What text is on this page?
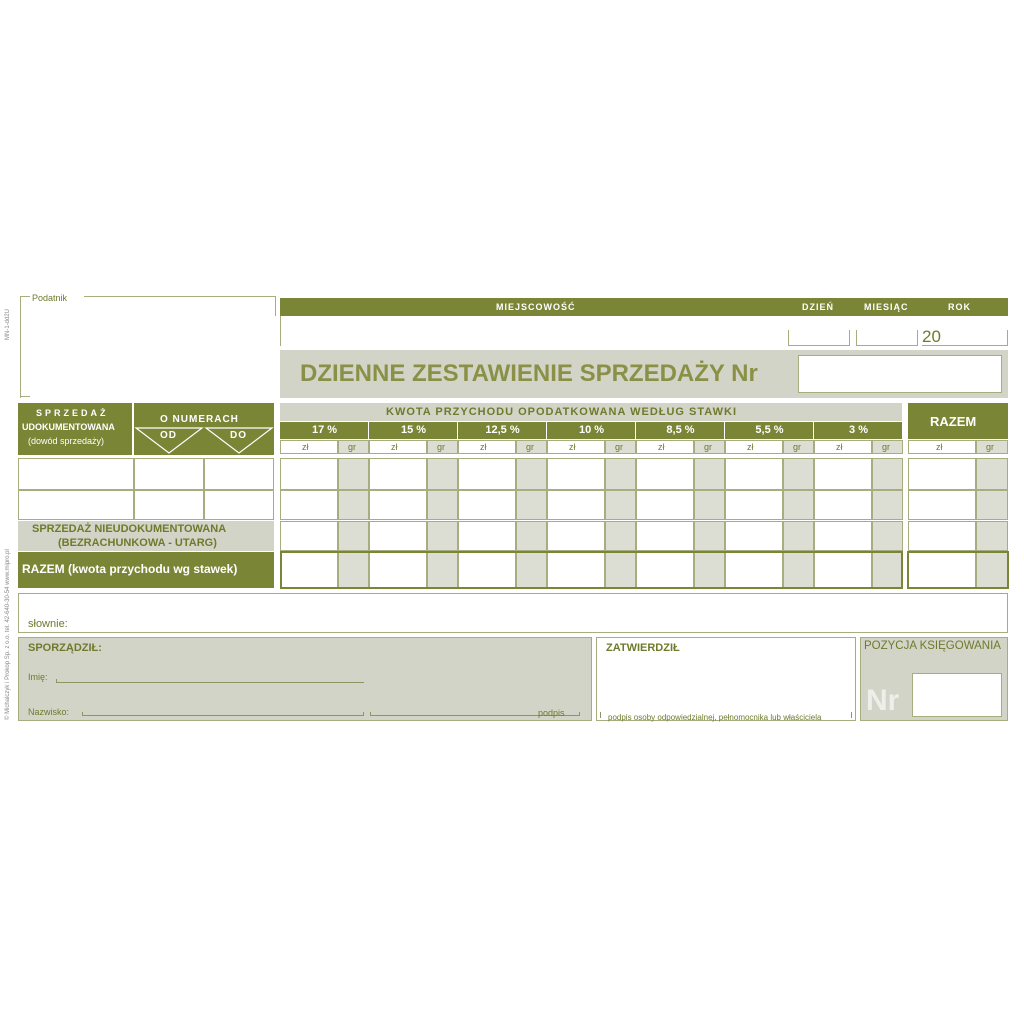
MN-1-dd2U
© Michalczyk i Prokop Sp. z o.o. tel. 42-640-30-54 www.mipro.pl
Podatnik
MIEJSCOWOŚĆ	DZIEŃ	MIESIĄC	ROK
20
DZIENNE ZESTAWIENIE SPRZEDAŻY Nr
SPRZEDAŻ
UDOKUMENTOWANA
(dowód sprzedaży)
O NUMERACH
OD	DO
KWOTA PRZYCHODU OPODATKOWANA WEDŁUG STAWKI
17 %
zł	gr
15 %
zł	gr
12,5 %
zł	gr
10 %
zł	gr
8,5 %
zł	gr
5,5 %
zł	gr
3 %
zł	gr
RAZEM
zł	gr
SPRZEDAŻ NIEUDOKUMENTOWANA
(BEZRACHUNKOWA - UTARG)
RAZEM (kwota przychodu wg stawek)
słownie:
SPORZĄDZIŁ:
Imię:
Nazwisko:	podpis
ZATWIERDZIŁ
podpis osoby odpowiedzialnej, pełnomocnika lub właściciela
POZYCJA KSIĘGOWANIA
Nr
